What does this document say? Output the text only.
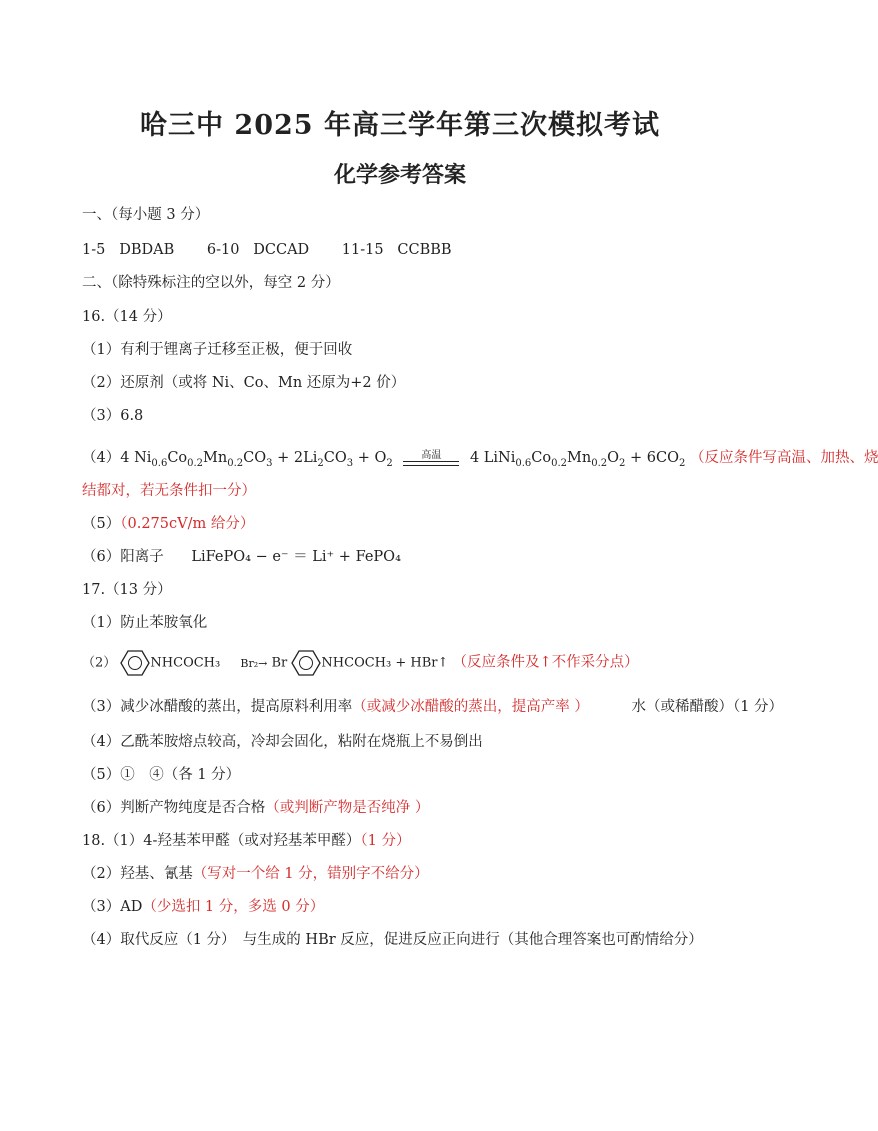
哈三中 2025 年高三学年第三次模拟考试
化学参考答案
一、（每小题 3 分）
1-5 DBDAB 6-10 DCCAD 11-15 CCBBB
二、（除特殊标注的空以外，每空 2 分）
16.（14 分）
（1）有利于锂离子迁移至正极，便于回收
（2）还原剂（或将 Ni、Co、Mn 还原为+2 价）
（3）6.8
（4）4 $Ni_{0.6}Co_{0.2}Mn_{0.2}CO_3 + 2Li_2CO_3 + O_2$
高温	4 $LiNi_{0.6}Co_{0.2}Mn_{0.2}O_2 + 6CO_2$ （反应条件写高温、加热、烧
结都对，若无条件扣一分）
（5）（0.275cV/m 给分）
（6）阳离子 LiFePO₄ − e⁻ ＝ Li⁺ + FePO₄
17.（13 分）
（1）防止苯胺氧化
（2）	NHCOCH₃ Br₂→ Br	NHCOCH₃ + HBr↑ （反应条件及↑不作采分点）
（3）减少冰醋酸的蒸出，提高原料利用率（或减少冰醋酸的蒸出，提高产率 ）	水（或稀醋酸）（1 分）
（4）乙酰苯胺熔点较高，冷却会固化，粘附在烧瓶上不易倒出
（5）①　④（各 1 分）
（6）判断产物纯度是否合格（或判断产物是否纯净 ）
18.（1）4-羟基苯甲醛（或对羟基苯甲醛）（1 分）
（2）羟基、氰基（写对一个给 1 分，错别字不给分）
（3）AD（少选扣 1 分，多选 0 分）
（4）取代反应（1 分）　与生成的 HBr 反应，促进反应正向进行（其他合理答案也可酌情给分）
